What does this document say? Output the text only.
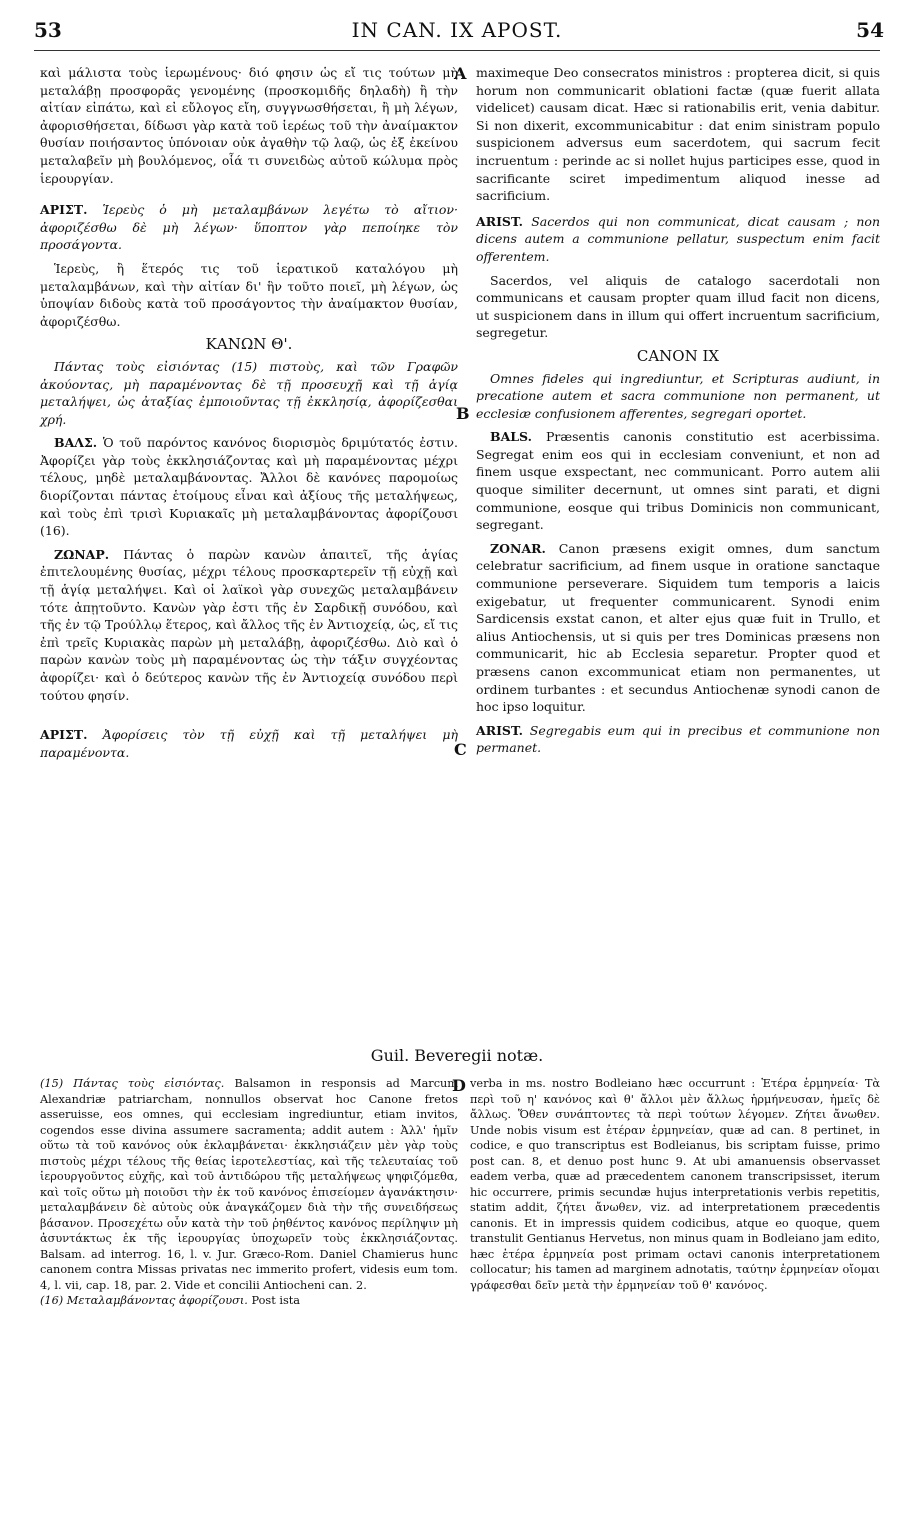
53	IN CAN. IX APOST.	54
A
B
C
D

καὶ μάλιστα τοὺς ἱερωμένους· διό φησιν ὡς εἴ τις τούτων μὴ μεταλάβῃ προσφορᾶς γενομένης (προσκομιδῆς δηλαδὴ) ἢ τὴν αἰτίαν εἰπάτω, καὶ εἰ εὔλογος εἴη, συγγνωσθήσεται, ἢ μὴ λέγων, ἀφορισθήσεται, δίδωσι γὰρ κατὰ τοῦ ἱερέως τοῦ τὴν ἀναίμακτον θυσίαν ποιήσαντος ὑπόνοιαν οὐκ ἀγαθὴν τῷ λαῷ, ὡς ἐξ ἐκείνου μεταλαβεῖν μὴ βουλόμενος, οἷά τι συνειδὼς αὐτοῦ κώλυμα πρὸς ἱερουργίαν.

ΑΡΙΣΤ. Ἱερεὺς ὁ μὴ μεταλαμβάνων λεγέτω τὸ αἴτιον· ἀφοριζέσθω δὲ μὴ λέγων· ὕποπτον γὰρ πεποίηκε τὸν προσάγοντα.

Ἱερεὺς, ἢ ἕτερός τις τοῦ ἱερατικοῦ καταλόγου μὴ μεταλαμβάνων, καὶ τὴν αἰτίαν δι' ἣν τοῦτο ποιεῖ, μὴ λέγων, ὡς ὑποψίαν διδοὺς κατὰ τοῦ προσάγοντος τὴν ἀναίμακτον θυσίαν, ἀφοριζέσθω.

ΚΑΝΩΝ Θ'.

Πάντας τοὺς εἰσιόντας (15) πιστοὺς, καὶ τῶν Γραφῶν ἀκούοντας, μὴ παραμένοντας δὲ τῇ προσευχῇ καὶ τῇ ἁγίᾳ μεταλήψει, ὡς ἀταξίας ἐμποιοῦντας τῇ ἐκκλησίᾳ, ἀφορίζεσθαι χρή.

ΒΑΛΣ. Ὁ τοῦ παρόντος κανόνος διορισμὸς δριμύτατός ἐστιν. Ἀφορίζει γὰρ τοὺς ἐκκλησιάζοντας καὶ μὴ παραμένοντας μέχρι τέλους, μηδὲ μεταλαμβάνοντας. Ἄλλοι δὲ κανόνες παρομοίως διορίζονται πάντας ἑτοίμους εἶναι καὶ ἀξίους τῆς μεταλήψεως, καὶ τοὺς ἐπὶ τρισὶ Κυριακαῖς μὴ μεταλαμβάνοντας ἀφορίζουσι (16).

ΖΩΝΑΡ. Πάντας ὁ παρὼν κανὼν ἀπαιτεῖ, τῆς ἁγίας ἐπιτελουμένης θυσίας, μέχρι τέλους προσκαρτερεῖν τῇ εὐχῇ καὶ τῇ ἁγίᾳ μεταλήψει. Καὶ οἱ λαϊκοὶ γὰρ συνεχῶς μεταλαμβάνειν τότε ἀπῃτοῦντο. Κανὼν γὰρ ἐστι τῆς ἐν Σαρδικῇ συνόδου, καὶ τῆς ἐν τῷ Τρούλλῳ ἕτερος, καὶ ἄλλος τῆς ἐν Ἀντιοχείᾳ, ὡς, εἴ τις ἐπὶ τρεῖς Κυριακὰς παρὼν μὴ μεταλάβῃ, ἀφοριζέσθω. Διὸ καὶ ὁ παρὼν κανὼν τοὺς μὴ παραμένοντας ὡς τὴν τάξιν συγχέοντας ἀφορίζει· καὶ ὁ δεύτερος κανὼν τῆς ἐν Ἀντιοχείᾳ συνόδου περὶ τούτου φησίν.

ΑΡΙΣΤ. Ἀφορίσεις τὸν τῇ εὐχῇ καὶ τῇ μεταλήψει μὴ παραμένοντα.

maximeque Deo consecratos ministros : propterea dicit, si quis horum non communicarit oblationi factæ (quæ fuerit allata videlicet) causam dicat. Hæc si rationabilis erit, venia dabitur. Si non dixerit, excommunicabitur : dat enim sinistram populo suspicionem adversus eum sacerdotem, qui sacrum fecit incruentum : perinde ac si nollet hujus participes esse, quod in sacrificante sciret impedimentum aliquod inesse ad sacrificium.

ARIST. Sacerdos qui non communicat, dicat causam ; non dicens autem a communione pellatur, suspectum enim facit offerentem.

Sacerdos, vel aliquis de catalogo sacerdotali non communicans et causam propter quam illud facit non dicens, ut suspicionem dans in illum qui offert incruentum sacrificium, segregetur.

CANON IX

Omnes fideles qui ingrediuntur, et Scripturas audiunt, in precatione autem et sacra communione non permanent, ut ecclesiæ confusionem afferentes, segregari oportet.

BALS. Præsentis canonis constitutio est acerbissima. Segregat enim eos qui in ecclesiam conveniunt, et non ad finem usque exspectant, nec communicant. Porro autem alii quoque similiter decernunt, ut omnes sint parati, et digni communione, eosque qui tribus Dominicis non communicant, segregant.

ZONAR. Canon præsens exigit omnes, dum sanctum celebratur sacrificium, ad finem usque in oratione sanctaque communione perseverare. Siquidem tum temporis a laicis exigebatur, ut frequenter communicarent. Synodi enim Sardicensis exstat canon, et alter ejus quæ fuit in Trullo, et alius Antiochensis, ut si quis per tres Dominicas præsens non communicarit, hic ab Ecclesia separetur. Propter quod et præsens canon excommunicat etiam non permanentes, ut ordinem turbantes : et secundus Antiochenæ synodi canon de hoc ipso loquitur.

ARIST. Segregabis eum qui in precibus et communione non permanet.

Guil. Beveregii notæ.

(15) Πάντας τοὺς εἰσιόντας. Balsamon in responsis ad Marcum Alexandriæ patriarcham, nonnullos observat hoc Canone fretos asseruisse, eos omnes, qui ecclesiam ingrediuntur, etiam invitos, cogendos esse divina assumere sacramenta; addit autem : Ἀλλ' ἡμῖν οὕτω τὰ τοῦ κανόνος οὐκ ἐκλαμβάνεται· ἐκκλησιάζειν μὲν γὰρ τοὺς πιστοὺς μέχρι τέλους τῆς θείας ἱεροτελεστίας, καὶ τῆς τελευταίας τοῦ ἱερουργοῦντος εὐχῆς, καὶ τοῦ ἀντιδώρου τῆς μεταλήψεως ψηφιζόμεθα, καὶ τοῖς οὕτω μὴ ποιοῦσι τὴν ἐκ τοῦ κανόνος ἐπισείομεν ἀγανάκτησιν· μεταλαμβάνειν δὲ αὐτοὺς οὐκ ἀναγκάζομεν διὰ τὴν τῆς συνειδήσεως βάσανον. Προσεχέτω οὖν κατὰ τὴν τοῦ ῥηθέντος κανόνος περίληψιν μὴ ἀσυντάκτως ἐκ τῆς ἱερουργίας ὑποχωρεῖν τοὺς ἐκκλησιάζοντας. Balsam. ad interrog. 16, l. v. Jur. Græco-Rom. Daniel Chamierus hunc canonem contra Missas privatas nec immerito profert, videsis eum tom. 4, l. vii, cap. 18, par. 2. Vide et concilii Antiocheni can. 2.

(16) Μεταλαμβάνοντας ἀφορίζουσι. Post ista

verba in ms. nostro Bodleiano hæc occurrunt : Ἑτέρα ἑρμηνεία· Τὰ περὶ τοῦ η' κανόνος καὶ θ' ἄλλοι μὲν ἄλλως ἡρμήνευσαν, ἡμεῖς δὲ ἄλλως. Ὅθεν συνάπτοντες τὰ περὶ τούτων λέγομεν. Ζήτει ἄνωθεν. Unde nobis visum est ἑτέραν ἑρμηνείαν, quæ ad can. 8 pertinet, in codice, e quo transcriptus est Bodleianus, bis scriptam fuisse, primo post can. 8, et denuo post hunc 9. At ubi amanuensis observasset eadem verba, quæ ad præcedentem canonem transcripsisset, iterum hic occurrere, primis secundæ hujus interpretationis verbis repetitis, statim addit, ζήτει ἄνωθεν, viz. ad interpretationem præcedentis canonis. Et in impressis quidem codicibus, atque eo quoque, quem transtulit Gentianus Hervetus, non minus quam in Bodleiano jam edito, hæc ἑτέρα ἑρμηνεία post primam octavi canonis interpretationem collocatur; his tamen ad marginem adnotatis, ταύτην ἑρμηνείαν οἴομαι γράφεσθαι δεῖν μετὰ τὴν ἑρμηνείαν τοῦ θ' κανόνος.
